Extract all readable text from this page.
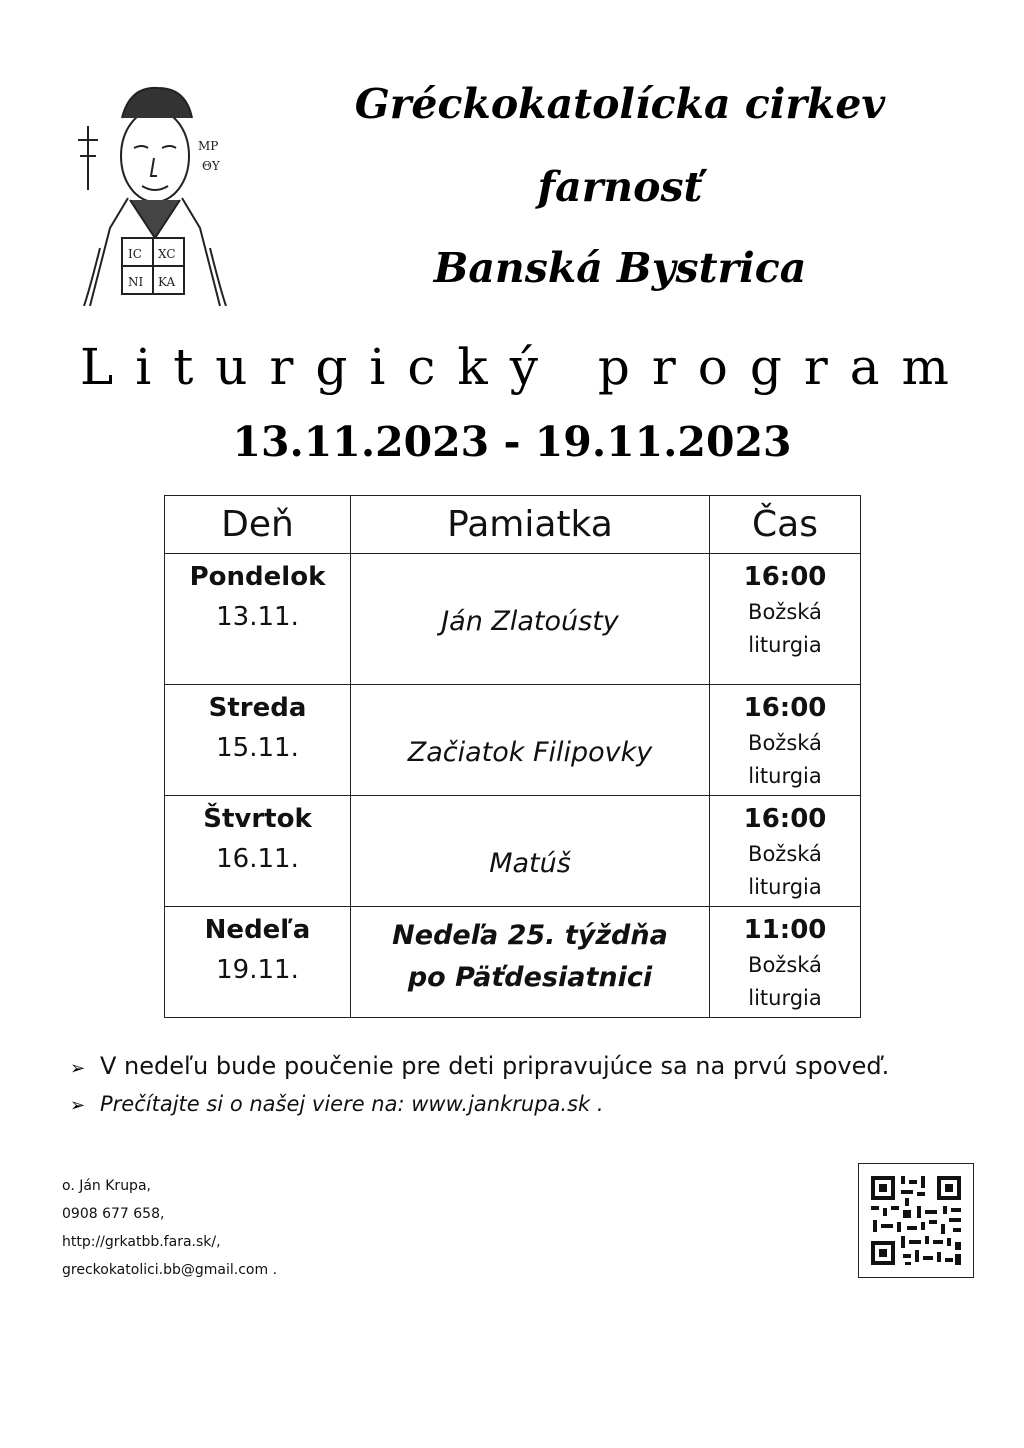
IC XC
NI KA
MP
ΘY
Gréckokatolícka cirkev
farnosť
Banská Bystrica
Liturgický program
13.11.2023 - 19.11.2023
Deň	Pamiatka	Čas

Pondelok
13.11.	Ján Zlatoústy	16:00
Božská
liturgia

Streda
15.11.	Začiatok Filipovky	16:00
Božská
liturgia

Štvrtok
16.11.	Matúš	16:00
Božská
liturgia

Nedeľa
19.11.	Nedeľa 25. týždňa
po Päťdesiatnici	11:00
Božská
liturgia
➢ V nedeľu bude poučenie pre deti pripravujúce sa na prvú spoveď.
➢ Prečítajte si o našej viere na: www.jankrupa.sk .
o. Ján Krupa,
0908 677 658,
http://grkatbb.fara.sk/,
greckokatolici.bb@gmail.com .
